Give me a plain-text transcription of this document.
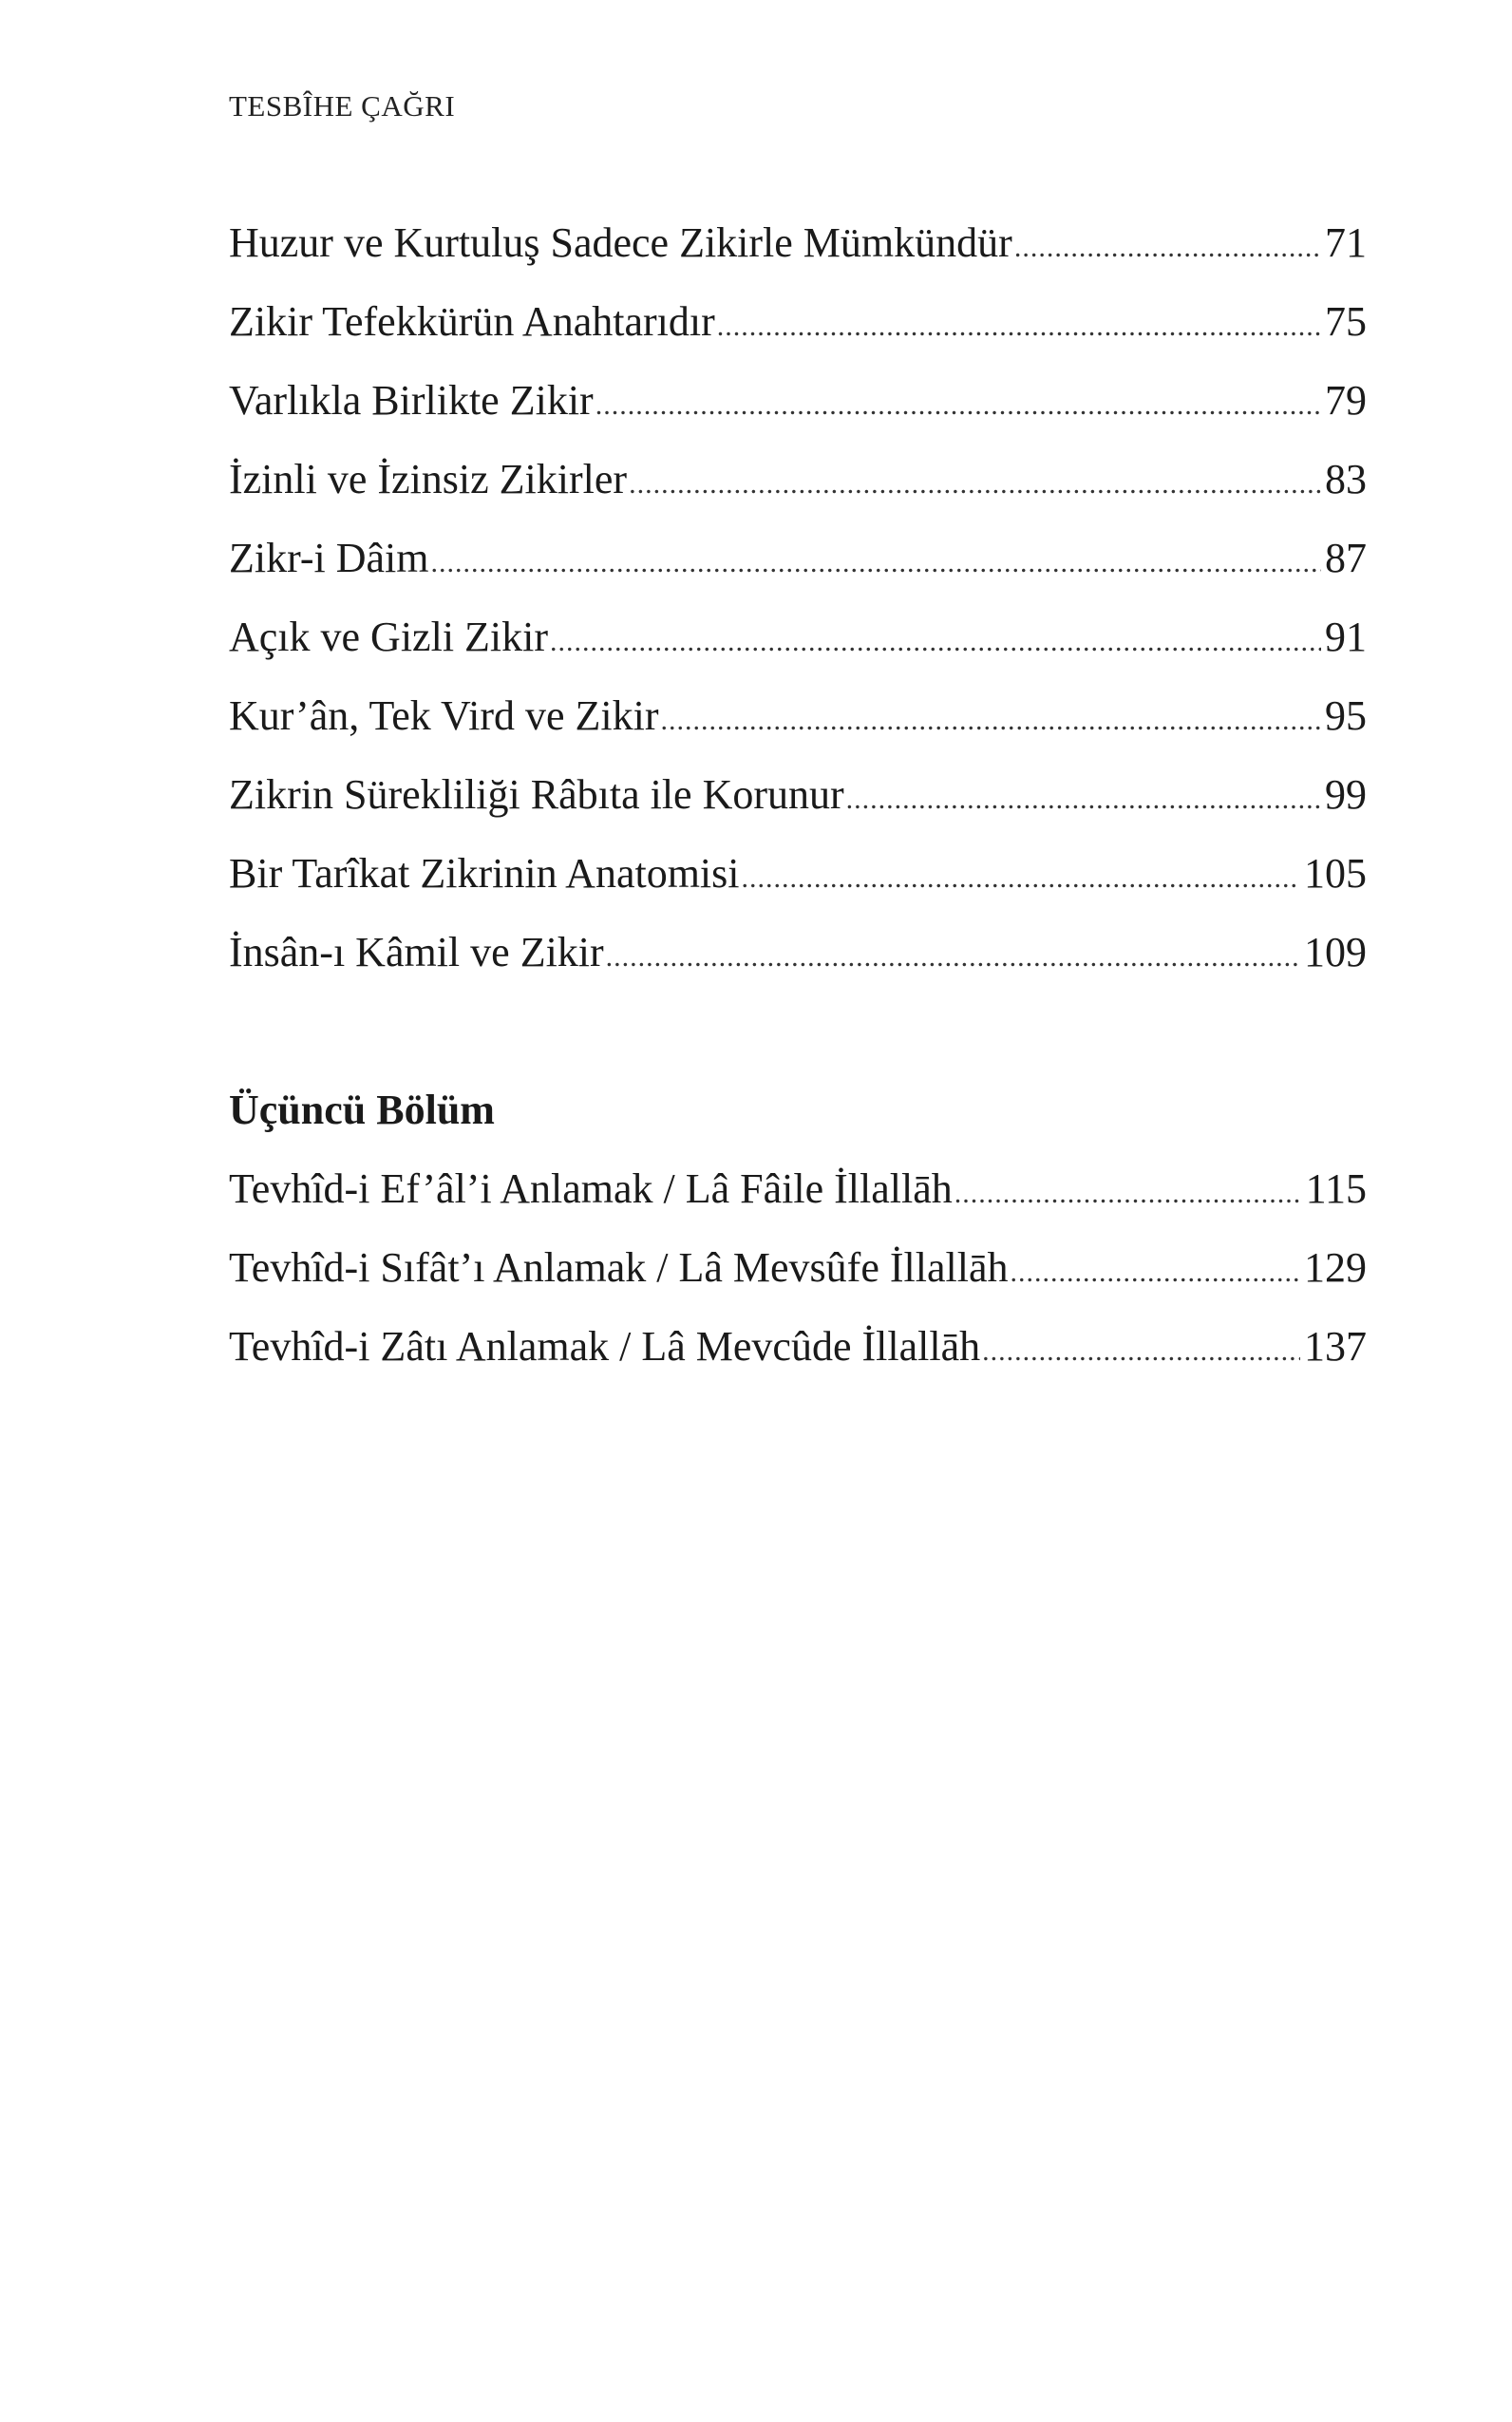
TESBÎHE ÇAĞRI
Huzur ve Kurtuluş Sadece Zikirle Mümkündür .....	71
Zikir Tefekkürün Anahtarıdır .....	75
Varlıkla Birlikte Zikir .....	79
İzinli ve İzinsiz Zikirler .....	83
Zikr-i Dâim .....	87
Açık ve Gizli Zikir .....	91
Kur’ân, Tek Vird ve Zikir .....	95
Zikrin Sürekliliği Râbıta ile Korunur .....	99
Bir Tarîkat Zikrinin Anatomisi .....	105
İnsân-ı Kâmil ve Zikir .....	109
Üçüncü Bölüm
Tevhîd-i Ef’âl’i Anlamak / Lâ Fâile İllallāh .....	115
Tevhîd-i Sıfât’ı Anlamak / Lâ Mevsûfe İllallāh .....	129
Tevhîd-i Zâtı Anlamak / Lâ Mevcûde İllallāh .....	137
